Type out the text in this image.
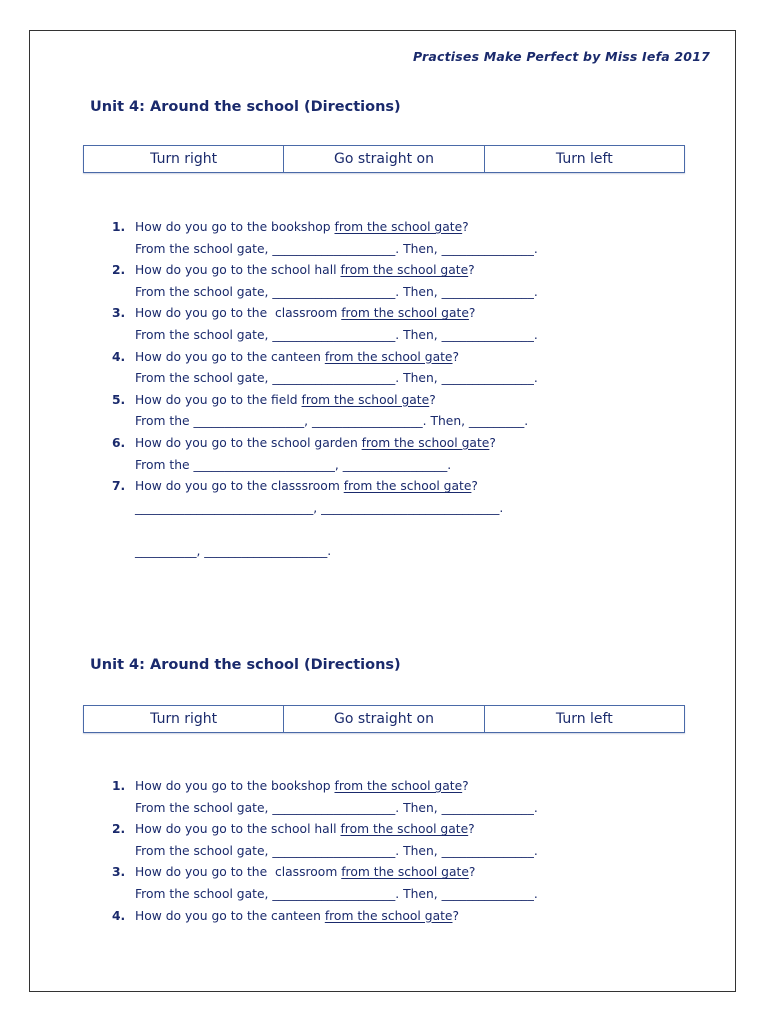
Practises Make Perfect by Miss Iefa 2017
Unit 4: Around the school (Directions)
Turn right	Go straight on	Turn left
1. How do you go to the bookshop from the school gate?
From the school gate, ____________________. Then, _______________.
2. How do you go to the school hall from the school gate?
From the school gate, ____________________. Then, _______________.
3. How do you go to the  classroom from the school gate?
From the school gate, ____________________. Then, _______________.
4. How do you go to the canteen from the school gate?
From the school gate, ____________________. Then, _______________.
5. How do you go to the field from the school gate?
From the __________________, __________________. Then, _________.
6. How do you go to the school garden from the school gate?
From the _______________________, _________________.
7. How do you go to the classsroom from the school gate?
_____________________________, _____________________________.
__________, ____________________.
Unit 4: Around the school (Directions)
Turn right	Go straight on	Turn left
1. How do you go to the bookshop from the school gate?
From the school gate, ____________________. Then, _______________.
2. How do you go to the school hall from the school gate?
From the school gate, ____________________. Then, _______________.
3. How do you go to the  classroom from the school gate?
From the school gate, ____________________. Then, _______________.
4. How do you go to the canteen from the school gate?
